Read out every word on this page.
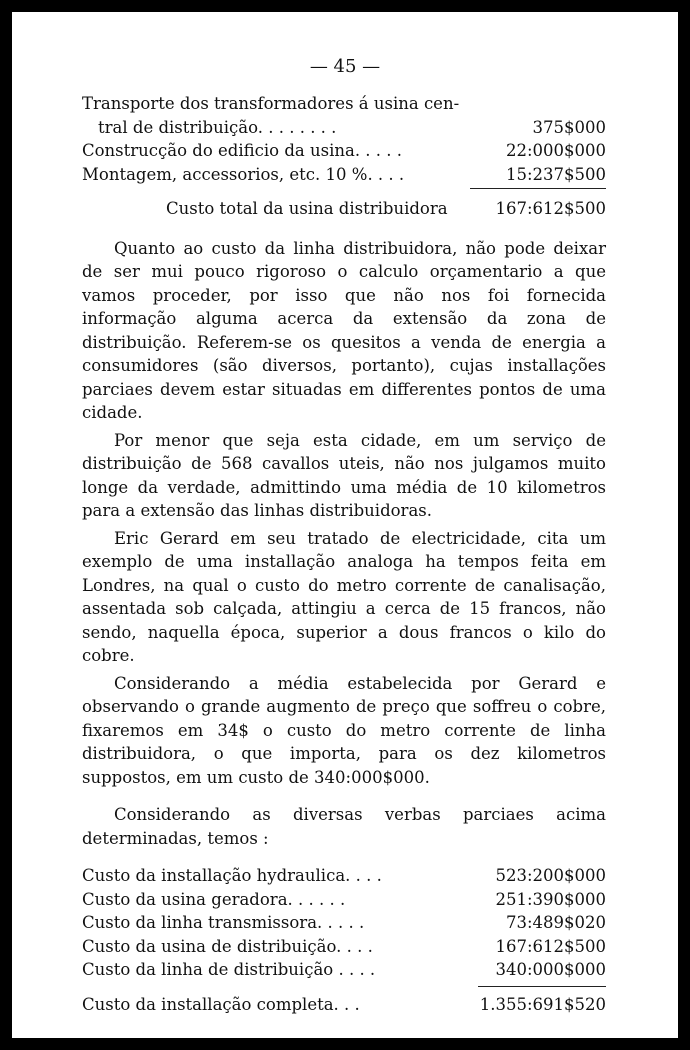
— 45 —
Transporte dos transformadores á usina cen-
tral de distribuição. . . . . . . .	375$000
Construcção do edificio da usina. . . . .	22:000$000
Montagem, accessorios, etc. 10 %. . . .	15:237$500
Custo total da usina distribuidora	167:612$500

Quanto ao custo da linha distribuidora, não pode deixar de ser mui pouco rigoroso o calculo orçamentario a que vamos proceder, por isso que não nos foi fornecida informação alguma acerca da extensão da zona de distribuição. Referem-se os quesitos a venda de energia a consumidores (são diversos, portanto), cujas installações parciaes devem estar situadas em differentes pontos de uma cidade.

Por menor que seja esta cidade, em um serviço de distribuição de 568 cavallos uteis, não nos julgamos muito longe da verdade, admittindo uma média de 10 kilometros para a extensão das linhas distribuidoras.

Eric Gerard em seu tratado de electricidade, cita um exemplo de uma installação analoga ha tempos feita em Londres, na qual o custo do metro corrente de canalisação, assentada sob calçada, attingiu a cerca de 15 francos, não sendo, naquella época, superior a dous francos o kilo do cobre.

Considerando a média estabelecida por Gerard e observando o grande augmento de preço que soffreu o cobre, fixaremos em 34$ o custo do metro corrente de linha distribuidora, o que importa, para os dez kilometros suppostos, em um custo de 340:000$000.

Considerando as diversas verbas parciaes acima determinadas, temos :

Custo da installação hydraulica. . . .	523:200$000
Custo da usina geradora. . . . . .	251:390$000
Custo da linha transmissora. . . . .	73:489$020
Custo da usina de distribuição. . . .	167:612$500
Custo da linha de distribuição . . . .	340:000$000
Custo da installação completa. . .	1.355:691$520
